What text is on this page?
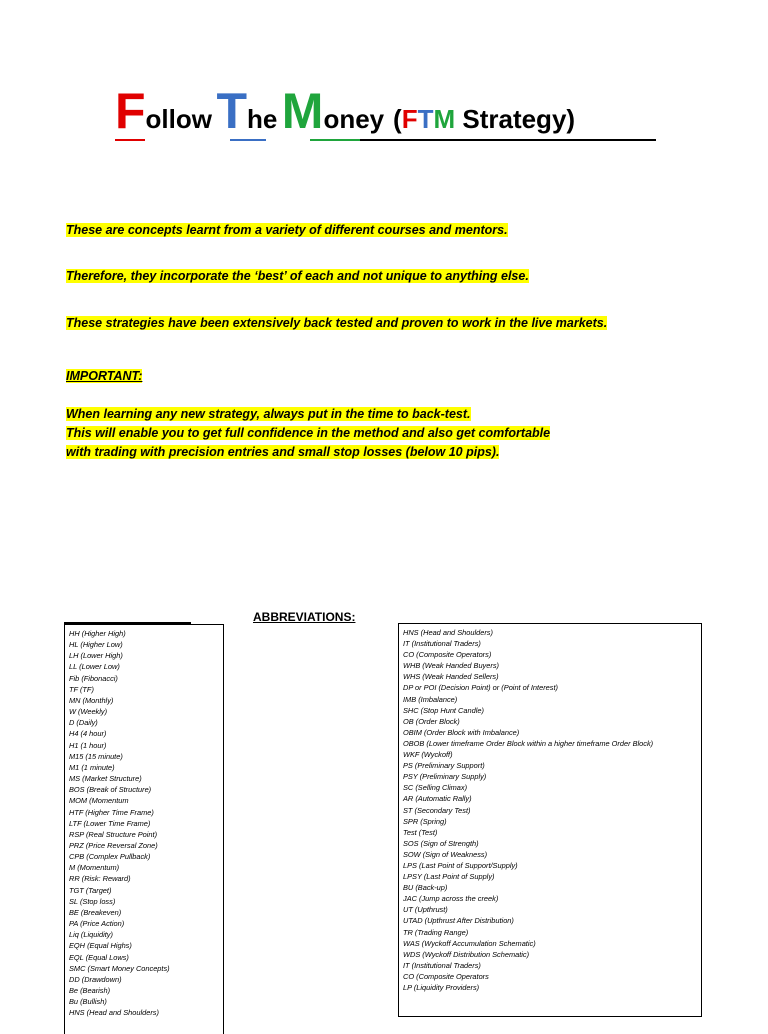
Follow The Money (FTM Strategy)
These are concepts learnt from a variety of different courses and mentors.
Therefore, they incorporate the ‘best’ of each and not unique to anything else.
These strategies have been extensively back tested and proven to work in the live markets.
IMPORTANT:
When learning any new strategy, always put in the time to back-test.
This will enable you to get full confidence in the method and also get comfortable
with trading with precision entries and small stop losses (below 10 pips).
ABBREVIATIONS:
HH (Higher High)
HL (Higher Low)
LH (Lower High)
LL (Lower Low)
Fib (Fibonacci)
TF (TF)
MN (Monthly)
W (Weekly)
D (Daily)
H4 (4 hour)
H1 (1 hour)
M15 (15 minute)
M1 (1 minute)
MS (Market Structure)
BOS (Break of Structure)
MOM (Momentum
HTF (Higher Time Frame)
LTF (Lower Time Frame)
RSP (Real Structure Point)
PRZ (Price Reversal Zone)
CPB (Complex Pullback)
M (Momentum)
RR (Risk: Reward)
TGT (Target)
SL (Stop loss)
BE (Breakeven)
PA (Price Action)
Liq (Liquidity)
EQH (Equal Highs)
EQL (Equal Lows)
SMC (Smart Money Concepts)
DD (Drawdown)
Be (Bearish)
Bu (Bullish)
HNS (Head and Shoulders)
HNS (Head and Shoulders)
IT (Institutional Traders)
CO (Composite Operators)
WHB (Weak Handed Buyers)
WHS (Weak Handed Sellers)
DP or POI (Decision Point) or (Point of Interest)
IMB (Imbalance)
SHC (Stop Hunt Candle)
OB (Order Block)
OBIM (Order Block with Imbalance)
OBOB (Lower timeframe Order Block within a higher timeframe Order Block)
WKF (Wyckoff)
PS (Preliminary Support)
PSY (Preliminary Supply)
SC (Selling Climax)
AR (Automatic Rally)
ST (Secondary Test)
SPR (Spring)
Test (Test)
SOS (Sign of Strength)
SOW (Sign of Weakness)
LPS (Last Point of Support/Supply)
LPSY (Last Point of Supply)
BU (Back-up)
JAC (Jump across the creek)
UT (Upthrust)
UTAD (Upthrust After Distribution)
TR (Trading Range)
WAS (Wyckoff Accumulation Schematic)
WDS (Wyckoff Distribution Schematic)
IT (Institutional Traders)
CO (Composite Operators
LP (Liquidity Providers)
